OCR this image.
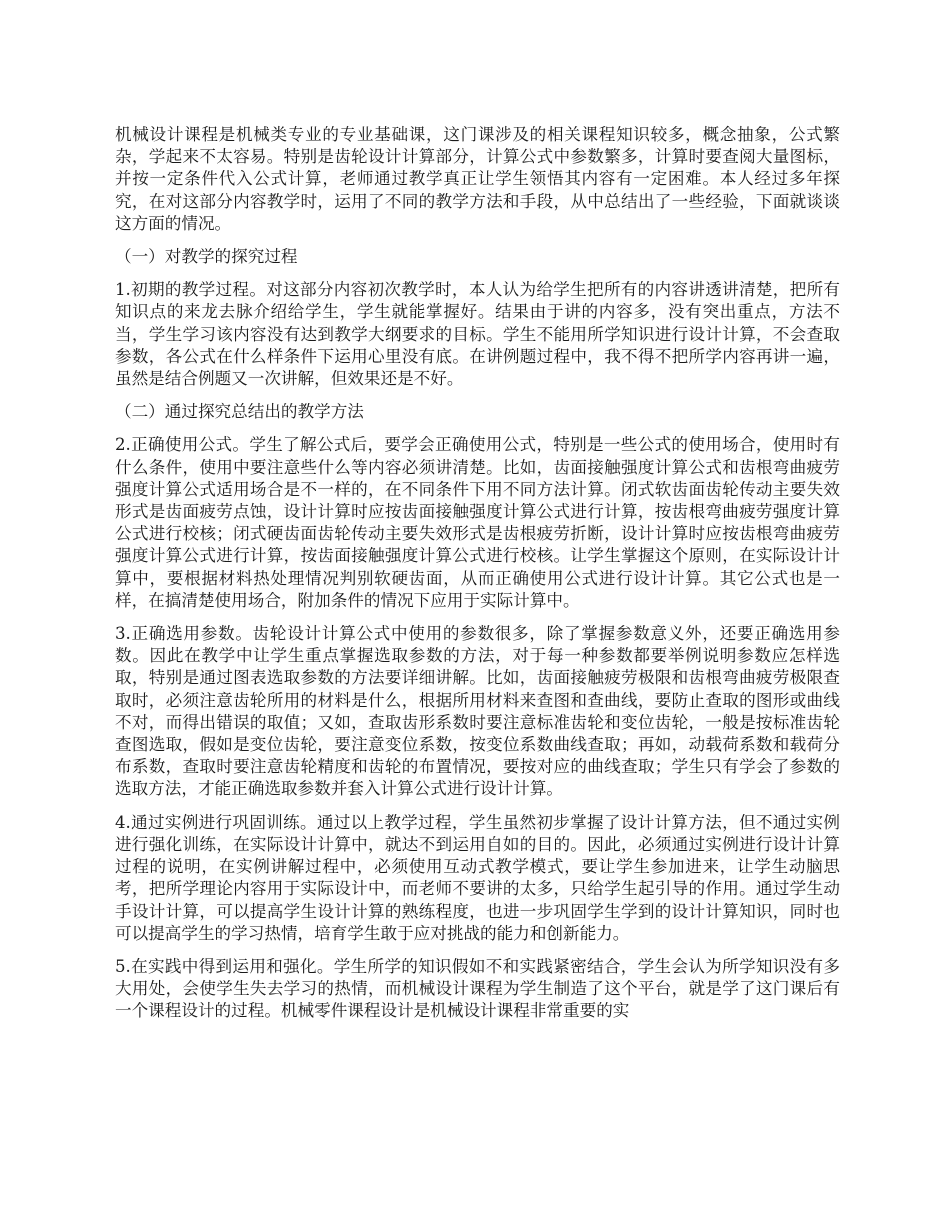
机械设计课程是机械类专业的专业基础课，这门课涉及的相关课程知识较多，概念抽象，公式繁杂，学起来不太容易。特别是齿轮设计计算部分，计算公式中参数繁多，计算时要查阅大量图标，并按一定条件代入公式计算，老师通过教学真正让学生领悟其内容有一定困难。本人经过多年探究，在对这部分内容教学时，运用了不同的教学方法和手段，从中总结出了一些经验，下面就谈谈这方面的情况。

（一）对教学的探究过程

1.初期的教学过程。对这部分内容初次教学时，本人认为给学生把所有的内容讲透讲清楚，把所有知识点的来龙去脉介绍给学生，学生就能掌握好。结果由于讲的内容多，没有突出重点，方法不当，学生学习该内容没有达到教学大纲要求的目标。学生不能用所学知识进行设计计算，不会查取参数，各公式在什么样条件下运用心里没有底。在讲例题过程中，我不得不把所学内容再讲一遍，虽然是结合例题又一次讲解，但效果还是不好。

（二）通过探究总结出的教学方法

2.正确使用公式。学生了解公式后，要学会正确使用公式，特别是一些公式的使用场合，使用时有什么条件，使用中要注意些什么等内容必须讲清楚。比如，齿面接触强度计算公式和齿根弯曲疲劳强度计算公式适用场合是不一样的，在不同条件下用不同方法计算。闭式软齿面齿轮传动主要失效形式是齿面疲劳点蚀，设计计算时应按齿面接触强度计算公式进行计算，按齿根弯曲疲劳强度计算公式进行校核；闭式硬齿面齿轮传动主要失效形式是齿根疲劳折断，设计计算时应按齿根弯曲疲劳强度计算公式进行计算，按齿面接触强度计算公式进行校核。让学生掌握这个原则，在实际设计计算中，要根据材料热处理情况判别软硬齿面，从而正确使用公式进行设计计算。其它公式也是一样，在搞清楚使用场合，附加条件的情况下应用于实际计算中。

3.正确选用参数。齿轮设计计算公式中使用的参数很多，除了掌握参数意义外，还要正确选用参数。因此在教学中让学生重点掌握选取参数的方法，对于每一种参数都要举例说明参数应怎样选取，特别是通过图表选取参数的方法要详细讲解。比如，齿面接触疲劳极限和齿根弯曲疲劳极限查取时，必须注意齿轮所用的材料是什么，根据所用材料来查图和查曲线，要防止查取的图形或曲线不对，而得出错误的取值；又如，查取齿形系数时要注意标准齿轮和变位齿轮，一般是按标准齿轮查图选取，假如是变位齿轮，要注意变位系数，按变位系数曲线查取；再如，动载荷系数和载荷分布系数，查取时要注意齿轮精度和齿轮的布置情况，要按对应的曲线查取；学生只有学会了参数的选取方法，才能正确选取参数并套入计算公式进行设计计算。

4.通过实例进行巩固训练。通过以上教学过程，学生虽然初步掌握了设计计算方法，但不通过实例进行强化训练，在实际设计计算中，就达不到运用自如的目的。因此，必须通过实例进行设计计算过程的说明，在实例讲解过程中，必须使用互动式教学模式，要让学生参加进来，让学生动脑思考，把所学理论内容用于实际设计中，而老师不要讲的太多，只给学生起引导的作用。通过学生动手设计计算，可以提高学生设计计算的熟练程度，也进一步巩固学生学到的设计计算知识，同时也可以提高学生的学习热情，培育学生敢于应对挑战的能力和创新能力。

5.在实践中得到运用和强化。学生所学的知识假如不和实践紧密结合，学生会认为所学知识没有多大用处，会使学生失去学习的热情，而机械设计课程为学生制造了这个平台，就是学了这门课后有一个课程设计的过程。机械零件课程设计是机械设计课程非常重要的实
